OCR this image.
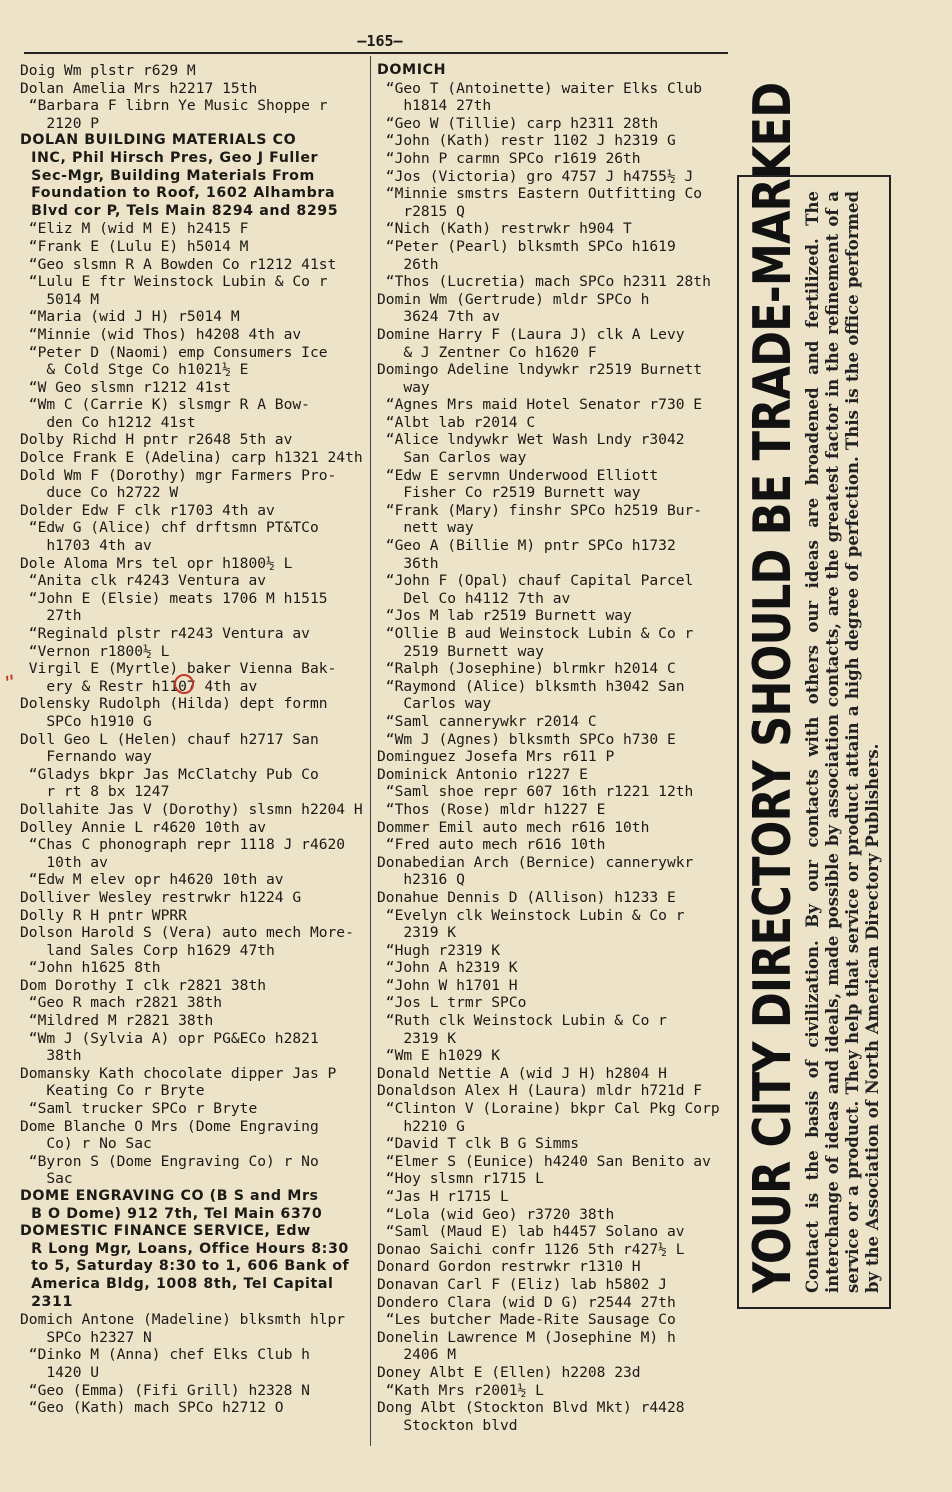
—165—
Doig Wm plstr r629 M
Dolan Amelia Mrs h2217 15th
“Barbara F librn Ye Music Shoppe r
2120 P
DOLAN BUILDING MATERIALS CO
INC, Phil Hirsch Pres, Geo J Fuller
Sec-Mgr, Building Materials From
Foundation to Roof, 1602 Alhambra
Blvd cor P, Tels Main 8294 and 8295
“Eliz M (wid M E) h2415 F
“Frank E (Lulu E) h5014 M
“Geo slsmn R A Bowden Co r1212 41st
“Lulu E ftr Weinstock Lubin & Co r
5014 M
“Maria (wid J H) r5014 M
“Minnie (wid Thos) h4208 4th av
“Peter D (Naomi) emp Consumers Ice
& Cold Stge Co h1021½ E
“W Geo slsmn r1212 41st
“Wm C (Carrie K) slsmgr R A Bow-
den Co h1212 41st
Dolby Richd H pntr r2648 5th av
Dolce Frank E (Adelina) carp h1321 24th
Dold Wm F (Dorothy) mgr Farmers Pro-
duce Co h2722 W
Dolder Edw F clk r1703 4th av
“Edw G (Alice) chf drftsmn PT&TCo
h1703 4th av
Dole Aloma Mrs tel opr h1800½ L
“Anita clk r4243 Ventura av
“John E (Elsie) meats 1706 M h1515
27th
“Reginald plstr r4243 Ventura av
“Vernon r1800½ L
Virgil E (Myrtle) baker Vienna Bak-
ery & Restr h1107 4th av
Dolensky Rudolph (Hilda) dept formn
SPCo h1910 G
Doll Geo L (Helen) chauf h2717 San
Fernando way
“Gladys bkpr Jas McClatchy Pub Co
r rt 8 bx 1247
Dollahite Jas V (Dorothy) slsmn h2204 H
Dolley Annie L r4620 10th av
“Chas C phonograph repr 1118 J r4620
10th av
“Edw M elev opr h4620 10th av
Dolliver Wesley restrwkr h1224 G
Dolly R H pntr WPRR
Dolson Harold S (Vera) auto mech More-
land Sales Corp h1629 47th
“John h1625 8th
Dom Dorothy I clk r2821 38th
“Geo R mach r2821 38th
“Mildred M r2821 38th
“Wm J (Sylvia A) opr PG&ECo h2821
38th
Domansky Kath chocolate dipper Jas P
Keating Co r Bryte
“Saml trucker SPCo r Bryte
Dome Blanche O Mrs (Dome Engraving
Co) r No Sac
“Byron S (Dome Engraving Co) r No
Sac
DOME ENGRAVING CO (B S and Mrs
B O Dome) 912 7th, Tel Main 6370
DOMESTIC FINANCE SERVICE, Edw
R Long Mgr, Loans, Office Hours 8:30
to 5, Saturday 8:30 to 1, 606 Bank of
America Bldg, 1008 8th, Tel Capital
2311
Domich Antone (Madeline) blksmth hlpr
SPCo h2327 N
“Dinko M (Anna) chef Elks Club h
1420 U
“Geo (Emma) (Fifi Grill) h2328 N
“Geo (Kath) mach SPCo h2712 O
DOMICH
“Geo T (Antoinette) waiter Elks Club
h1814 27th
“Geo W (Tillie) carp h2311 28th
“John (Kath) restr 1102 J h2319 G
“John P carmn SPCo r1619 26th
“Jos (Victoria) gro 4757 J h4755½ J
“Minnie smstrs Eastern Outfitting Co
r2815 Q
“Nich (Kath) restrwkr h904 T
“Peter (Pearl) blksmth SPCo h1619
26th
“Thos (Lucretia) mach SPCo h2311 28th
Domin Wm (Gertrude) mldr SPCo h
3624 7th av
Domine Harry F (Laura J) clk A Levy
& J Zentner Co h1620 F
Domingo Adeline lndywkr r2519 Burnett
way
“Agnes Mrs maid Hotel Senator r730 E
“Albt lab r2014 C
“Alice lndywkr Wet Wash Lndy r3042
San Carlos way
“Edw E servmn Underwood Elliott
Fisher Co r2519 Burnett way
“Frank (Mary) finshr SPCo h2519 Bur-
nett way
“Geo A (Billie M) pntr SPCo h1732
36th
“John F (Opal) chauf Capital Parcel
Del Co h4112 7th av
“Jos M lab r2519 Burnett way
“Ollie B aud Weinstock Lubin & Co r
2519 Burnett way
“Ralph (Josephine) blrmkr h2014 C
“Raymond (Alice) blksmth h3042 San
Carlos way
“Saml cannerywkr r2014 C
“Wm J (Agnes) blksmth SPCo h730 E
Dominguez Josefa Mrs r611 P
Dominick Antonio r1227 E
“Saml shoe repr 607 16th r1221 12th
“Thos (Rose) mldr h1227 E
Dommer Emil auto mech r616 10th
“Fred auto mech r616 10th
Donabedian Arch (Bernice) cannerywkr
h2316 Q
Donahue Dennis D (Allison) h1233 E
“Evelyn clk Weinstock Lubin & Co r
2319 K
“Hugh r2319 K
“John A h2319 K
“John W h1701 H
“Jos L trmr SPCo
“Ruth clk Weinstock Lubin & Co r
2319 K
“Wm E h1029 K
Donald Nettie A (wid J H) h2804 H
Donaldson Alex H (Laura) mldr h721d F
“Clinton V (Loraine) bkpr Cal Pkg Corp
h2210 G
“David T clk B G Simms
“Elmer S (Eunice) h4240 San Benito av
“Hoy slsmn r1715 L
“Jas H r1715 L
“Lola (wid Geo) r3720 38th
“Saml (Maud E) lab h4457 Solano av
Donao Saichi confr 1126 5th r427½ L
Donard Gordon restrwkr r1310 H
Donavan Carl F (Eliz) lab h5802 J
Dondero Clara (wid D G) r2544 27th
“Les butcher Made-Rite Sausage Co
Donelin Lawrence M (Josephine M) h
2406 M
Doney Albt E (Ellen) h2208 23d
“Kath Mrs r2001½ L
Dong Albt (Stockton Blvd Mkt) r4428
Stockton blvd
ʺ	YOUR CITY DIRECTORY SHOULD BE TRADE-MARKED Contact is the basis of civilization. By our contacts with others our ideas are broadened and fertilized. The interchange of ideas and ideals, made possible by association contacts, are the greatest factor in the refinement of a service or a product. They help that service or product attain a high degree of perfection. This is the office performed by the Association of North American Directory Publishers.
